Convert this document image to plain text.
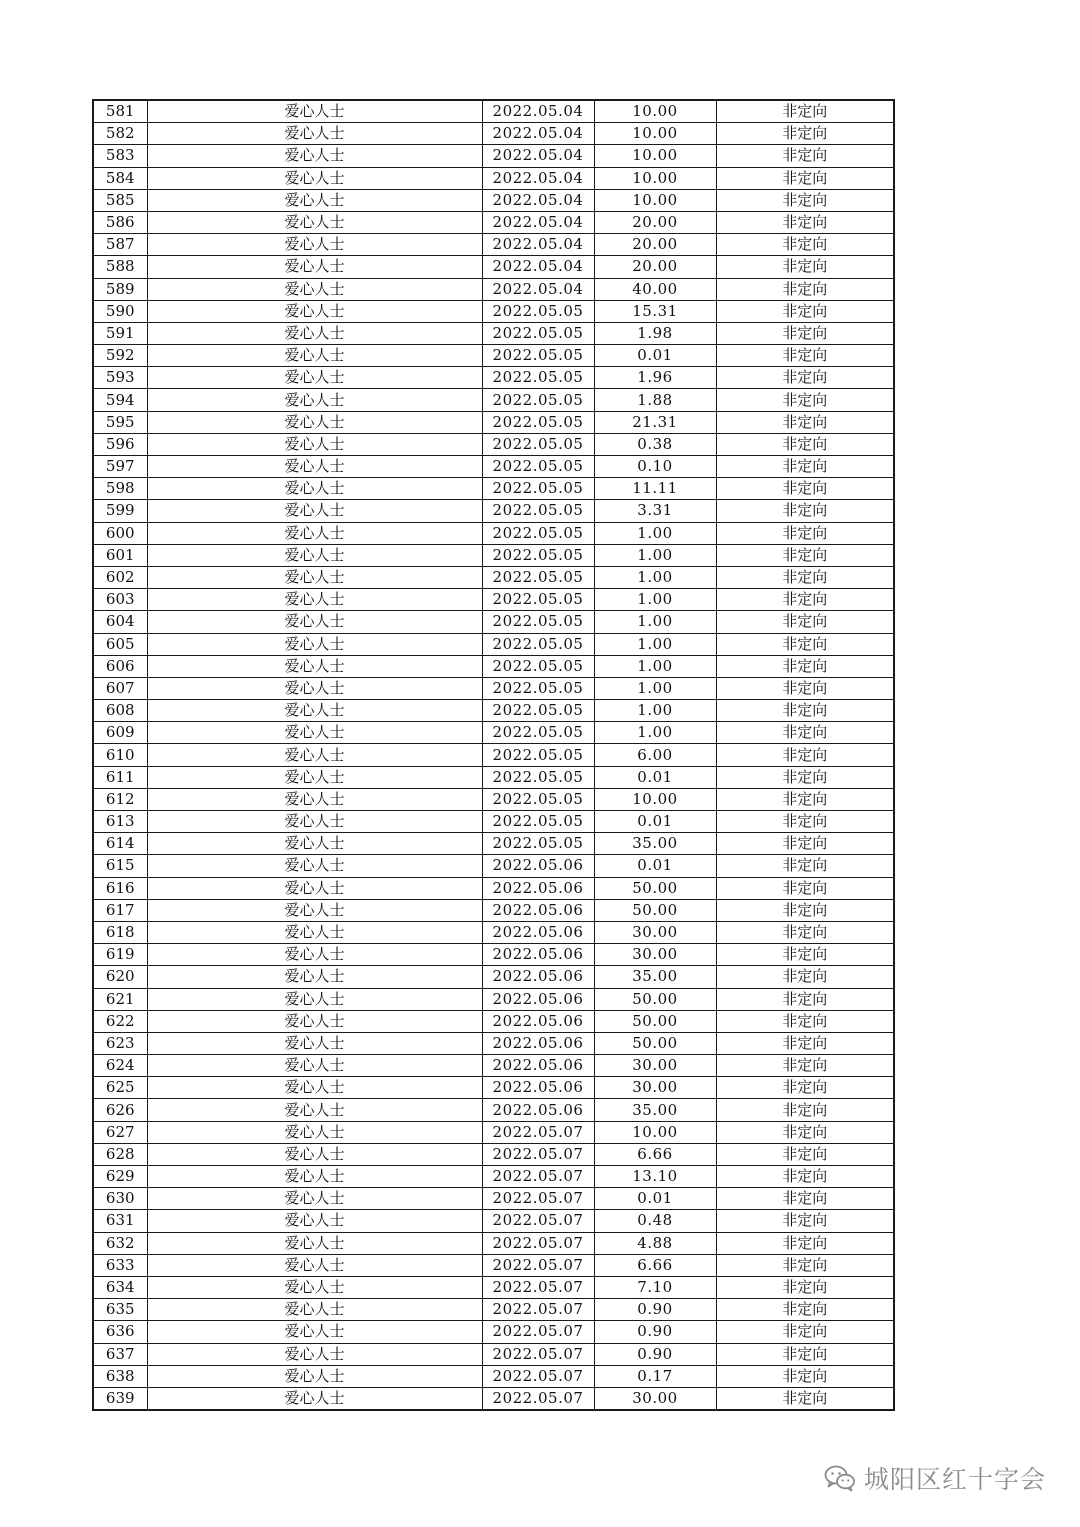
581	爱心人士	2022.05.04	10.00	非定向
582	爱心人士	2022.05.04	10.00	非定向
583	爱心人士	2022.05.04	10.00	非定向
584	爱心人士	2022.05.04	10.00	非定向
585	爱心人士	2022.05.04	10.00	非定向
586	爱心人士	2022.05.04	20.00	非定向
587	爱心人士	2022.05.04	20.00	非定向
588	爱心人士	2022.05.04	20.00	非定向
589	爱心人士	2022.05.04	40.00	非定向
590	爱心人士	2022.05.05	15.31	非定向
591	爱心人士	2022.05.05	1.98	非定向
592	爱心人士	2022.05.05	0.01	非定向
593	爱心人士	2022.05.05	1.96	非定向
594	爱心人士	2022.05.05	1.88	非定向
595	爱心人士	2022.05.05	21.31	非定向
596	爱心人士	2022.05.05	0.38	非定向
597	爱心人士	2022.05.05	0.10	非定向
598	爱心人士	2022.05.05	11.11	非定向
599	爱心人士	2022.05.05	3.31	非定向
600	爱心人士	2022.05.05	1.00	非定向
601	爱心人士	2022.05.05	1.00	非定向
602	爱心人士	2022.05.05	1.00	非定向
603	爱心人士	2022.05.05	1.00	非定向
604	爱心人士	2022.05.05	1.00	非定向
605	爱心人士	2022.05.05	1.00	非定向
606	爱心人士	2022.05.05	1.00	非定向
607	爱心人士	2022.05.05	1.00	非定向
608	爱心人士	2022.05.05	1.00	非定向
609	爱心人士	2022.05.05	1.00	非定向
610	爱心人士	2022.05.05	6.00	非定向
611	爱心人士	2022.05.05	0.01	非定向
612	爱心人士	2022.05.05	10.00	非定向
613	爱心人士	2022.05.05	0.01	非定向
614	爱心人士	2022.05.05	35.00	非定向
615	爱心人士	2022.05.06	0.01	非定向
616	爱心人士	2022.05.06	50.00	非定向
617	爱心人士	2022.05.06	50.00	非定向
618	爱心人士	2022.05.06	30.00	非定向
619	爱心人士	2022.05.06	30.00	非定向
620	爱心人士	2022.05.06	35.00	非定向
621	爱心人士	2022.05.06	50.00	非定向
622	爱心人士	2022.05.06	50.00	非定向
623	爱心人士	2022.05.06	50.00	非定向
624	爱心人士	2022.05.06	30.00	非定向
625	爱心人士	2022.05.06	30.00	非定向
626	爱心人士	2022.05.06	35.00	非定向
627	爱心人士	2022.05.07	10.00	非定向
628	爱心人士	2022.05.07	6.66	非定向
629	爱心人士	2022.05.07	13.10	非定向
630	爱心人士	2022.05.07	0.01	非定向
631	爱心人士	2022.05.07	0.48	非定向
632	爱心人士	2022.05.07	4.88	非定向
633	爱心人士	2022.05.07	6.66	非定向
634	爱心人士	2022.05.07	7.10	非定向
635	爱心人士	2022.05.07	0.90	非定向
636	爱心人士	2022.05.07	0.90	非定向
637	爱心人士	2022.05.07	0.90	非定向
638	爱心人士	2022.05.07	0.17	非定向
639	爱心人士	2022.05.07	30.00	非定向
城阳区红十字会
